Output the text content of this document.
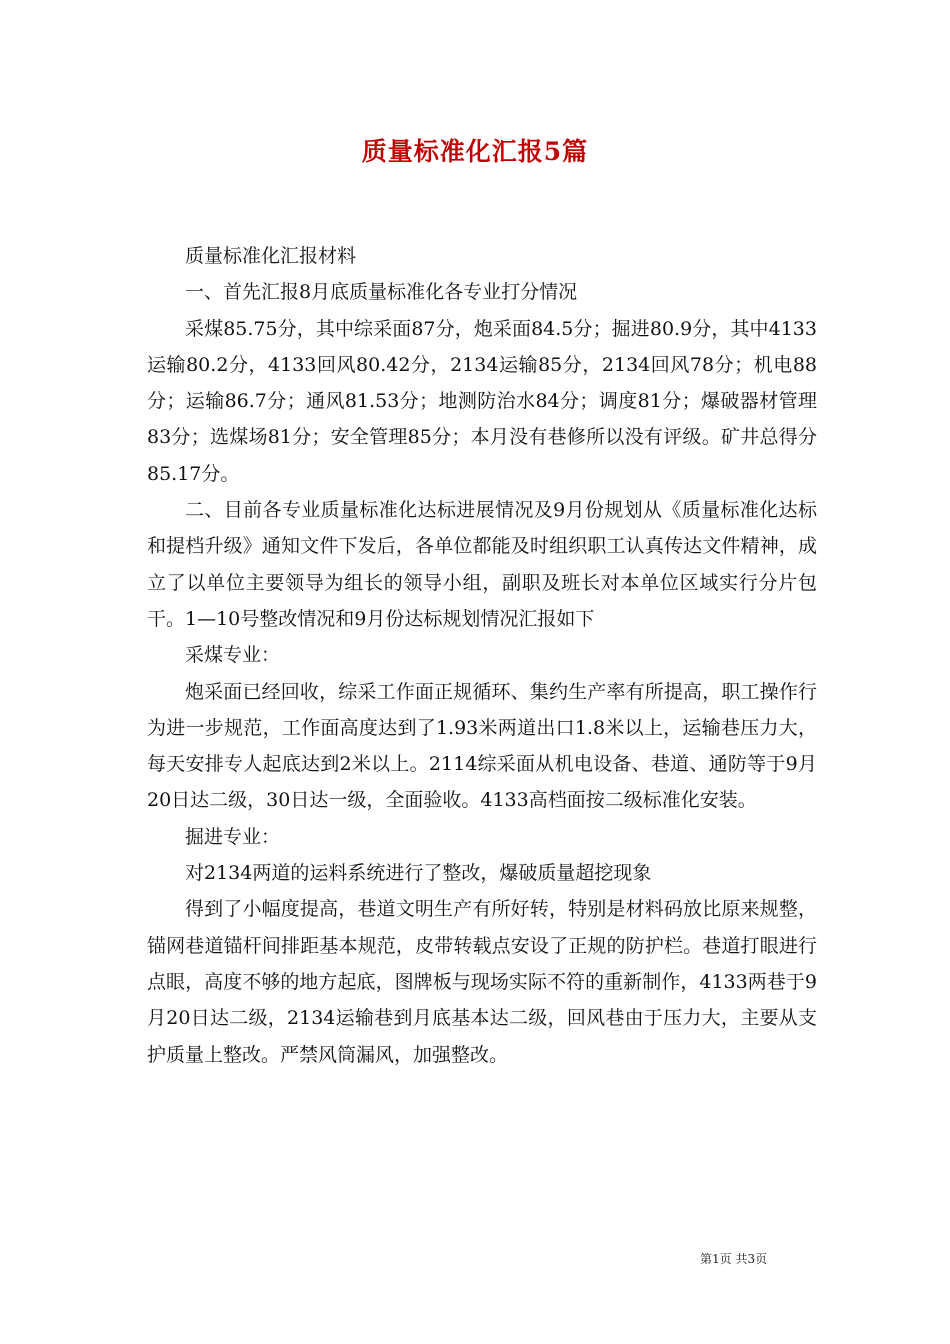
质量标准化汇报5篇

质量标准化汇报材料

一、首先汇报8月底质量标准化各专业打分情况

采煤85.75分，其中综采面87分，炮采面84.5分；掘进80.9分，其中4133运输80.2分，4133回风80.42分，2134运输85分，2134回风78分；机电88分；运输86.7分；通风81.53分；地测防治水84分；调度81分；爆破器材管理83分；选煤场81分；安全管理85分；本月没有巷修所以没有评级。矿井总得分85.17分。

二、目前各专业质量标准化达标进展情况及9月份规划从《质量标准化达标和提档升级》通知文件下发后，各单位都能及时组织职工认真传达文件精神，成立了以单位主要领导为组长的领导小组，副职及班长对本单位区域实行分片包干。1—10号整改情况和9月份达标规划情况汇报如下

采煤专业：

炮采面已经回收，综采工作面正规循环、集约生产率有所提高，职工操作行为进一步规范，工作面高度达到了1.93米两道出口1.8米以上，运输巷压力大，每天安排专人起底达到2米以上。2114综采面从机电设备、巷道、通防等于9月20日达二级，30日达一级，全面验收。4133高档面按二级标准化安装。

掘进专业：

对2134两道的运料系统进行了整改，爆破质量超挖现象

得到了小幅度提高，巷道文明生产有所好转，特别是材料码放比原来规整，锚网巷道锚杆间排距基本规范，皮带转载点安设了正规的防护栏。巷道打眼进行点眼，高度不够的地方起底，图牌板与现场实际不符的重新制作，4133两巷于9月20日达二级，2134运输巷到月底基本达二级，回风巷由于压力大，主要从支护质量上整改。严禁风筒漏风，加强整改。

第1页 共3页
